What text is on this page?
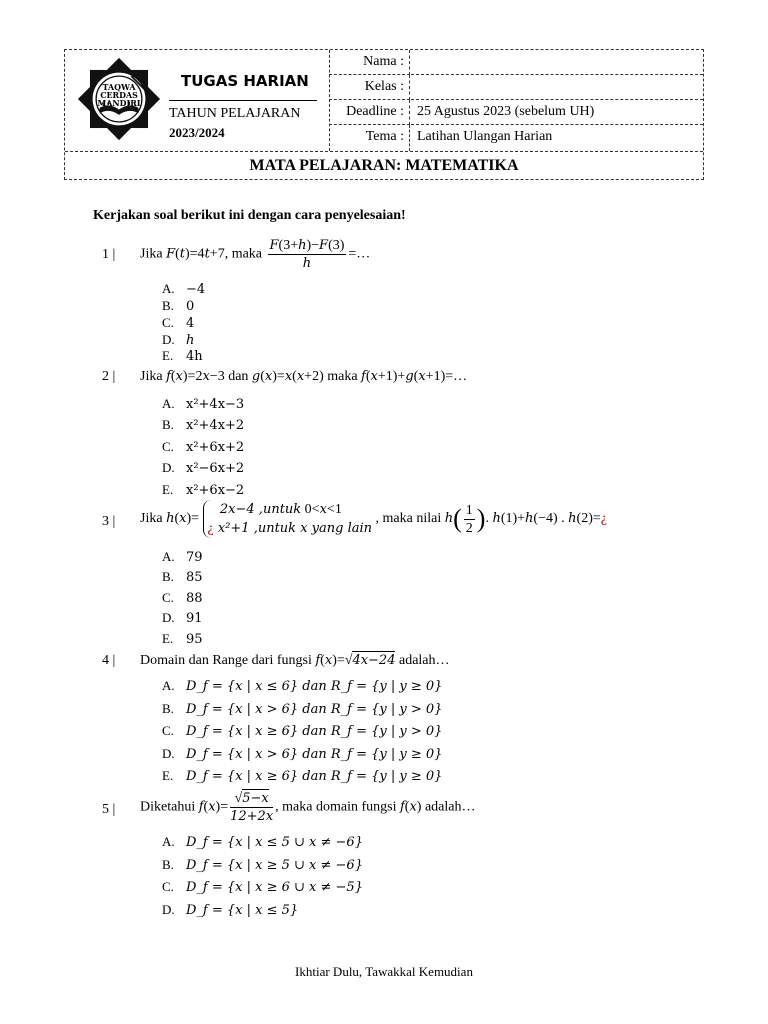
TAQWA
CERDAS
MANDIRI
TUGAS HARIAN
TAHUN PELAJARAN
2023/2024
Nama :
Kelas :
Deadline : 25 Agustus 2023 (sebelum UH)
Tema : Latihan Ulangan Harian
MATA PELAJARAN: MATEMATIKA
Kerjakan soal berikut ini dengan cara penyelesaian!
1 | Jika F(t)=4t+7, maka $\frac{F(3+h)-F(3)}{h}$ =…
A. −4
B. 0
C. 4
D. h
E. 4h
2 | Jika f(x)=2x−3 dan g(x)=x(x+2) maka f(x+1)+g(x+1)=…
A. x²+4x−3
B. x²+4x+2
C. x²+6x+2
D. x²−6x+2
E. x²+6x−2
3 | Jika h(x)=    2x−4 ,untuk 0<x<1
¿ x²+1 ,untuk x yang lain , maka nilai $h( \frac{1}{2}$ ). h(1)+h(−4) . h(2)=¿
A. 79
B. 85
C. 88
D. 91
E. 95
4 | Domain dan Range dari fungsi f(x)=√4x−24 adalah…
A. D_f = {x | x ≤ 6} dan R_f = {y | y ≥ 0}
B. D_f = {x | x > 6} dan R_f = {y | y > 0}
C. D_f = {x | x ≥ 6} dan R_f = {y | y > 0}
D. D_f = {x | x > 6} dan R_f = {y | y ≥ 0}
E. D_f = {x | x ≥ 6} dan R_f = {y | y ≥ 0}
5 | Diketahui $f(x)= \frac{√5-x}{12+2x}$ , maka domain fungsi f(x) adalah…
A. D_f = {x | x ≤ 5 ∪ x ≠ −6}
B. D_f = {x | x ≥ 5 ∪ x ≠ −6}
C. D_f = {x | x ≥ 6 ∪ x ≠ −5}
D. D_f = {x | x ≤ 5}
Ikhtiar Dulu, Tawakkal Kemudian
